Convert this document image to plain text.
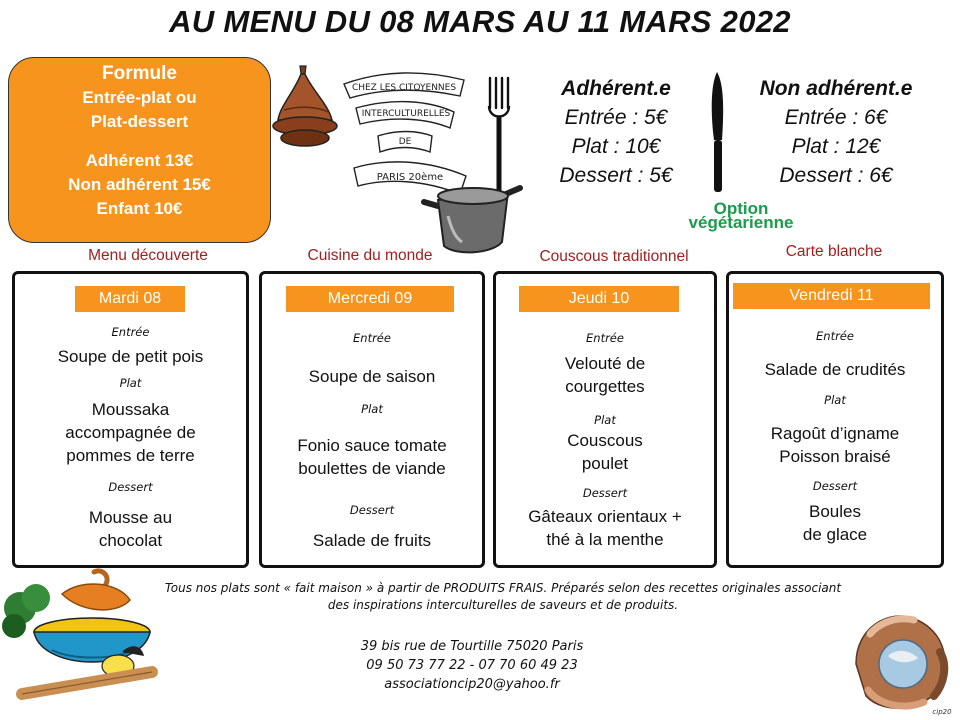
AU MENU DU 08 MARS AU 11 MARS 2022
Formule
Entrée-plat ou
Plat-dessert
Adhérent 13€
Non adhérent 15€
Enfant 10€
CHEZ LES CITOYENNES
INTERCULTURELLES
DE
PARIS 20ème
Adhérent.e
Entrée : 5€
Plat : 10€
Dessert : 5€
Non adhérent.e
Entrée : 6€
Plat : 12€
Dessert : 6€
Option
végétarienne
Menu découverte	Cuisine du monde	Couscous traditionnel	Carte blanche
Mardi 08
Entrée
Soupe de petit pois
Plat
Moussaka
accompagnée de
pommes de terre
Dessert
Mousse au
chocolat
Mercredi 09
Entrée
Soupe de saison
Plat
Fonio sauce tomate
boulettes de viande
Dessert
Salade de fruits
Jeudi 10
Entrée
Velouté de
courgettes
Plat
Couscous
poulet
Dessert
Gâteaux orientaux +
thé à la menthe
Vendredi 11
Entrée
Salade de crudités
Plat
Ragoût d’igname
Poisson braisé
Dessert
Boules
de glace
cip20
Tous nos plats sont « fait maison » à partir de PRODUITS FRAIS. Préparés selon des recettes originales associant
des inspirations interculturelles de saveurs et de produits.
39 bis rue de Tourtille 75020 Paris
09 50 73 77 22 - 07 70 60 49 23
associationcip20@yahoo.fr
